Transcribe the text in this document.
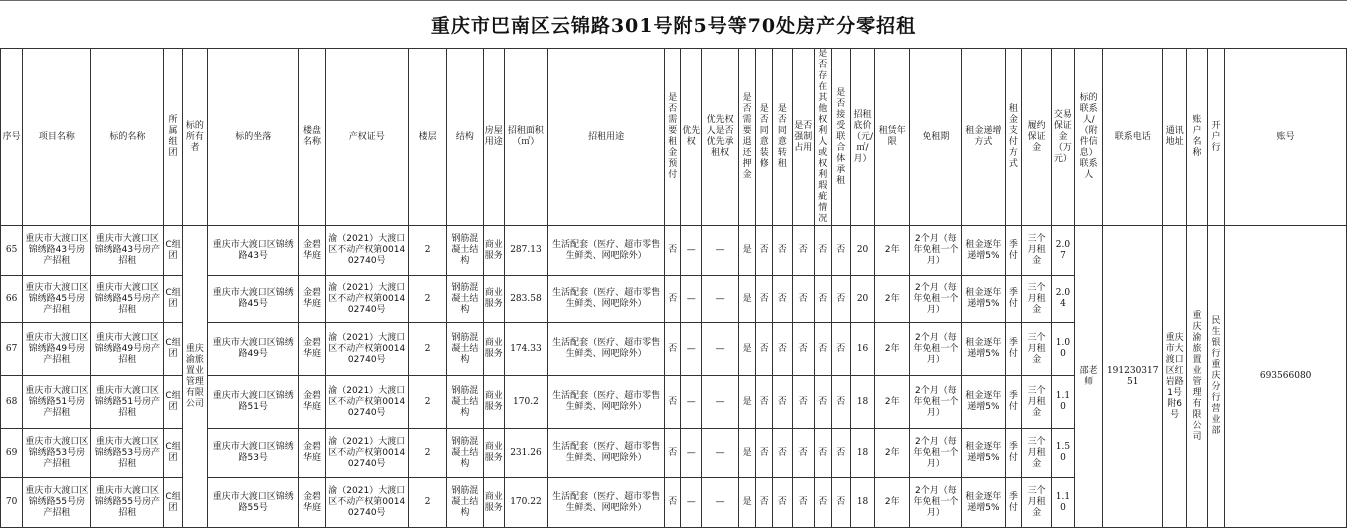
重庆市巴南区云锦路301号附5号等70处房产分零招租
序号	项目名称	标的名称	所属组团	标的所有者	标的坐落	楼盘名称	产权证号	楼层	结构	房屋用途	招租面积（㎡）	招租用途	是否需要租金预付	优先权	优先权人是否优先承租权	是否需要退还押金	是否同意装修	是否同意转租	是否强制占用	是否存在其他权利人或权利瑕疵情况	是否接受联合体承租	招租底价（元/㎡/月）	租赁年限	免租期	租金递增方式	租金支付方式	履约保证金	交易保证金（万元）	标的联系人/（附件信息）联系人	联系电话	通讯地址	账户名称	开户行	账号
65	重庆市大渡口区锦绣路43号房产招租	重庆市大渡口区锦绣路43号房产招租	C组团	重庆渝旅置业管理有限公司	重庆市大渡口区锦绣路43号	金碧华庭	渝（2021）大渡口区不动产权第001402740号	2	钢筋混凝土结构	商业服务	287.13	生活配套（医疗、超市零售生鲜类、网吧除外）	否	—	—	是	否	否	否	否	否	20	2年	2个月（每年免租一个月）	租金逐年递增5%	季付	三个月租金	2.07	邵老师	19123031751	重庆市大渡口区红岩路1号附6号	重庆渝旅置业管理有限公司	民生银行重庆分行营业部	693566080
66	重庆市大渡口区锦绣路45号房产招租	重庆市大渡口区锦绣路45号房产招租	C组团		重庆市大渡口区锦绣路45号	金碧华庭	渝（2021）大渡口区不动产权第001402740号	2	钢筋混凝土结构	商业服务	283.58	生活配套（医疗、超市零售生鲜类、网吧除外）	否	—	—	是	否	否	否	否	否	20	2年	2个月（每年免租一个月）	租金逐年递增5%	季付	三个月租金	2.04						
67	重庆市大渡口区锦绣路49号房产招租	重庆市大渡口区锦绣路49号房产招租	C组团		重庆市大渡口区锦绣路49号	金碧华庭	渝（2021）大渡口区不动产权第001402740号	2	钢筋混凝土结构	商业服务	174.33	生活配套（医疗、超市零售生鲜类、网吧除外）	否	—	—	是	否	否	否	否	否	16	2年	2个月（每年免租一个月）	租金逐年递增5%	季付	三个月租金	1.00						
68	重庆市大渡口区锦绣路51号房产招租	重庆市大渡口区锦绣路51号房产招租	C组团		重庆市大渡口区锦绣路51号	金碧华庭	渝（2021）大渡口区不动产权第001402740号	2	钢筋混凝土结构	商业服务	170.2	生活配套（医疗、超市零售生鲜类、网吧除外）	否	—	—	是	否	否	否	否	否	18	2年	2个月（每年免租一个月）	租金逐年递增5%	季付	三个月租金	1.10						
69	重庆市大渡口区锦绣路53号房产招租	重庆市大渡口区锦绣路53号房产招租	C组团		重庆市大渡口区锦绣路53号	金碧华庭	渝（2021）大渡口区不动产权第001402740号	2	钢筋混凝土结构	商业服务	231.26	生活配套（医疗、超市零售生鲜类、网吧除外）	否	—	—	是	否	否	否	否	否	18	2年	2个月（每年免租一个月）	租金逐年递增5%	季付	三个月租金	1.50						
70	重庆市大渡口区锦绣路55号房产招租	重庆市大渡口区锦绣路55号房产招租	C组团		重庆市大渡口区锦绣路55号	金碧华庭	渝（2021）大渡口区不动产权第001402740号	2	钢筋混凝土结构	商业服务	170.22	生活配套（医疗、超市零售生鲜类、网吧除外）	否	—	—	是	否	否	否	否	否	18	2年	2个月（每年免租一个月）	租金逐年递增5%	季付	三个月租金	1.10						
